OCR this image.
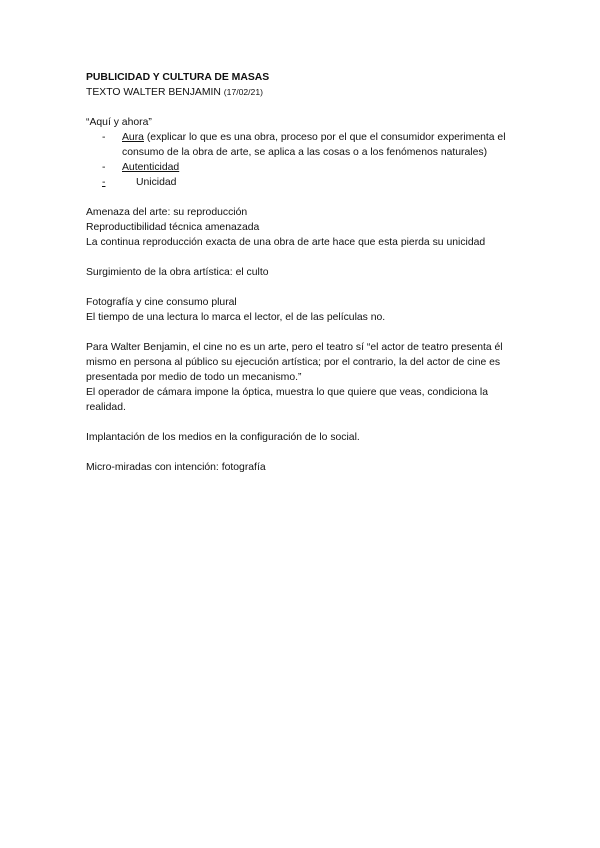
PUBLICIDAD Y CULTURA DE MASAS

TEXTO WALTER BENJAMIN (17/02/21)

“Aquí y ahora”

- Aura (explicar lo que es una obra, proceso por el que el consumidor experimenta el consumo de la obra de arte, se aplica a las cosas o a los fenómenos naturales)
- Autenticidad
-	Unicidad

Amenaza del arte: su reproducción

Reproductibilidad técnica amenazada

La continua reproducción exacta de una obra de arte hace que esta pierda su unicidad

Surgimiento de la obra artística: el culto

Fotografía y cine consumo plural

El tiempo de una lectura lo marca el lector, el de las películas no.

Para Walter Benjamin, el cine no es un arte, pero el teatro sí “el actor de teatro presenta él mismo en persona al público su ejecución artística; por el contrario, la del actor de cine es presentada por medio de todo un mecanismo.”

El operador de cámara impone la óptica, muestra lo que quiere que veas, condiciona la realidad.

Implantación de los medios en la configuración de lo social.

Micro-miradas con intención: fotografía
